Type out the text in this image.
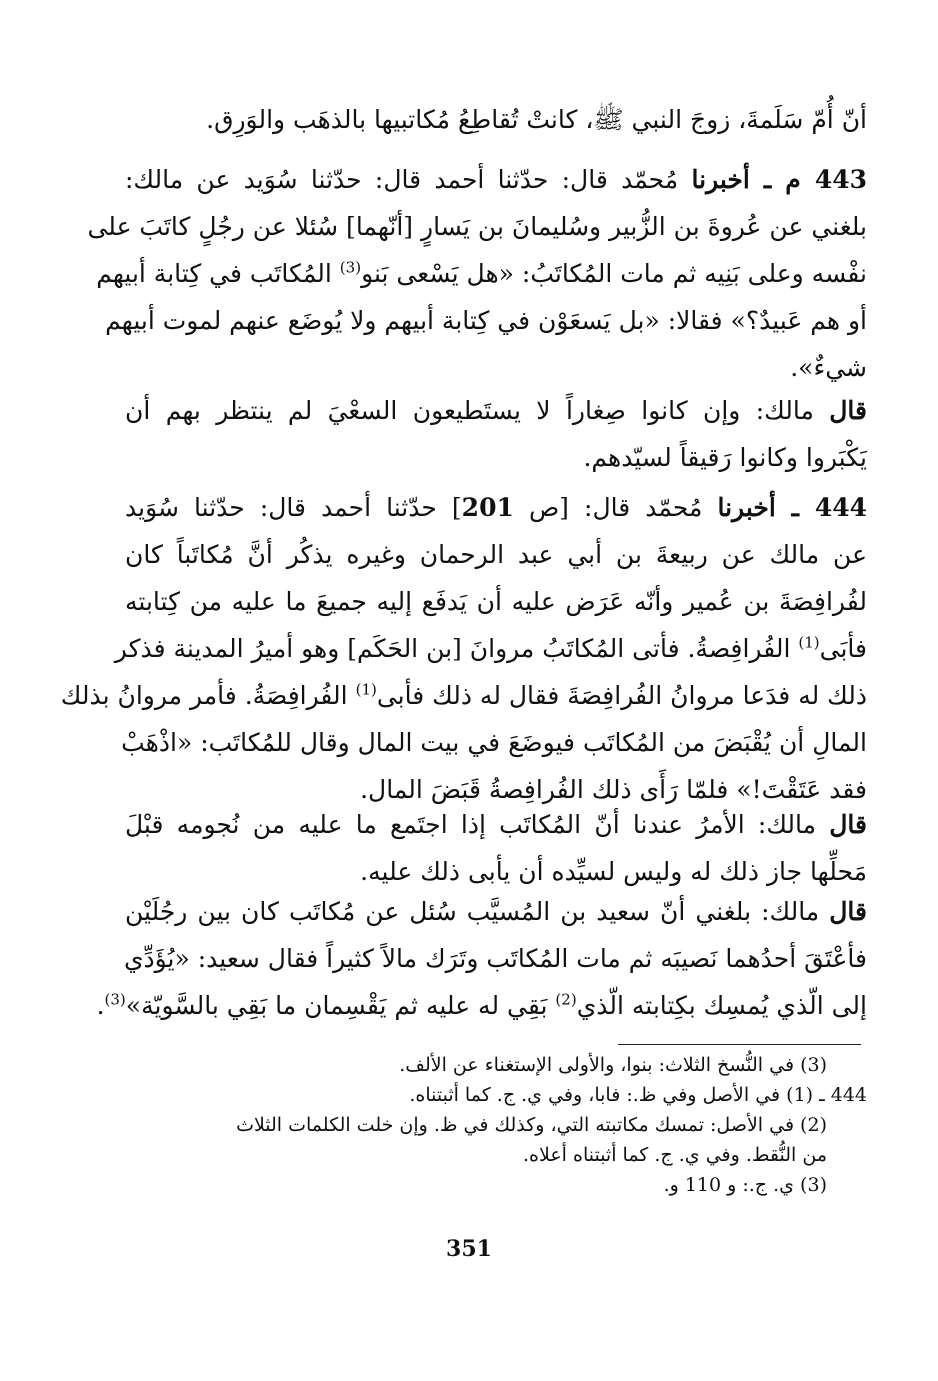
أنّ أُمّ سَلَمةَ، زوجَ النبي ﷺ، كانتْ تُقاطِعُ مُكاتبيها بالذهَب والوَرِق.
443 م ـ أخبرنا مُحمّد قال: حدّثنا أحمد قال: حدّثنا سُوَيد عن مالك:
بلغني عن عُروةَ بن الزُّبير وسُليمانَ بن يَسارٍ [أنّهما] سُئلا عن رجُلٍ كاتَبَ على
نفْسه وعلى بَنِيه ثم مات المُكاتَبُ: «هل يَسْعى بَنو$^{(3)}$ المُكاتَب في كِتابة أبيهم
أو هم عَبيدٌ؟» فقالا: «بل يَسعَوْن في كِتابة أبيهم ولا يُوضَع عنهم لموت أبيهم
شيءٌ».
قال مالك: وإن كانوا صِغاراً لا يستَطيعون السعْيَ لم ينتظر بهم أن
يَكْبَروا وكانوا رَقيقاً لسيّدهم.
444 ـ أخبرنا مُحمّد قال: [ص 201] حدّثنا أحمد قال: حدّثنا سُوَيد
عن مالك عن ربيعةَ بن أبي عبد الرحمان وغيره يذكُر أنَّ مُكاتَباً كان
لفُرافِصَةَ بن عُمير وأنّه عَرَض عليه أن يَدفَع إليه جميعَ ما عليه من كِتابته
فأبَى$^{(1)}$ الفُرافِصةُ. فأتى المُكاتَبُ مروانَ [بن الحَكَم] وهو أميرُ المدينة فذكر
ذلك له فدَعا مروانُ الفُرافِصَةَ فقال له ذلك فأبى$^{(1)}$ الفُرافِصَةُ. فأمر مروانُ بذلك
المالِ أن يُقْبَضَ من المُكاتَب فيوضَعَ في بيت المال وقال للمُكاتَب: «اذْهَبْ
فقد عَتَقْتَ!» فلمّا رَأَى ذلك الفُرافِصةُ قَبَضَ المال.
قال مالك: الأمرُ عندنا أنّ المُكاتَب إذا اجتَمع ما عليه من نُجومه قبْلَ
مَحلِّها جاز ذلك له وليس لسيِّده أن يأبى ذلك عليه.
قال مالك: بلغني أنّ سعيد بن المُسيَّب سُئل عن مُكاتَب كان بين رجُلَيْن
فأعْتَقَ أحدُهما نَصيبَه ثم مات المُكاتَب وتَرَك مالاً كثيراً فقال سعيد: «يُؤَدِّي
إلى الّذي يُمسِك بكِتابته الّذي$^{(2)}$ بَقِي له عليه ثم يَقْسِمان ما بَقِي بالسَّويّة»$^{(3)}$.
(3) في النُّسخ الثلاث: بنوا، والأولى الإستغناء عن الألف.
444 ـ (1) في الأصل وفي ظ.: فابا، وفي ي. ج. كما أثبتناه.
(2) في الأصل: تمسك مكاتبته التي، وكذلك في ظ. وإن خلت الكلمات الثلاث
من النُّقط. وفي ي. ج. كما أثبتناه أعلاه.
(3) ي. ج.: و 110 و.
351
